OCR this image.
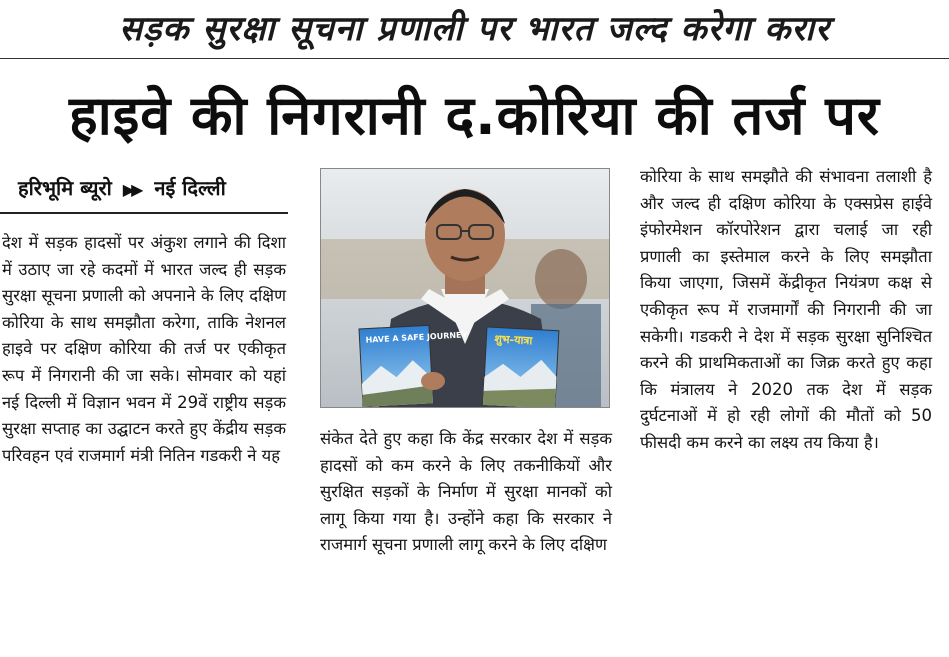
सड़क सुरक्षा सूचना प्रणाली पर भारत जल्द करेगा करार
हाइवे की निगरानी द.कोरिया की तर्ज पर
हरिभूमि ब्यूरो ▶▶ नई दिल्ली

देश में सड़क हादसों पर अंकुश लगाने की दिशा में उठाए जा रहे कदमों में भारत जल्द ही सड़क सुरक्षा सूचना प्रणाली को अपनाने के लिए दक्षिण कोरिया के साथ समझौता करेगा, ताकि नेशनल हाइवे पर दक्षिण कोरिया की तर्ज पर एकीकृत रूप में निगरानी की जा सके। सोमवार को यहां नई दिल्ली में विज्ञान भवन में 29वें राष्ट्रीय सड़क सुरक्षा सप्ताह का उद्घाटन करते हुए केंद्रीय सड़क परिवहन एवं राजमार्ग मंत्री नितिन गडकरी ने यह

HAVE A SAFE JOURNEY शुभ-यात्रा

संकेत देते हुए कहा कि केंद्र सरकार देश में सड़क हादसों को कम करने के लिए तकनीकियों और सुरक्षित सड़कों के निर्माण में सुरक्षा मानकों को लागू किया गया है। उन्होंने कहा कि सरकार ने राजमार्ग सूचना प्रणाली लागू करने के लिए दक्षिण

कोरिया के साथ समझौते की संभावना तलाशी है और जल्द ही दक्षिण कोरिया के एक्सप्रेस हाईवे इंफोरमेशन कॉरपोरेशन द्वारा चलाई जा रही प्रणाली का इस्तेमाल करने के लिए समझौता किया जाएगा, जिसमें केंद्रीकृत नियंत्रण कक्ष से एकीकृत रूप में राजमार्गों की निगरानी की जा सकेगी। गडकरी ने देश में सड़क सुरक्षा सुनिश्चित करने की प्राथमिकताओं का जिक्र करते हुए कहा कि मंत्रालय ने 2020 तक देश में सड़क दुर्घटनाओं में हो रही लोगों की मौतों को 50 फीसदी कम करने का लक्ष्य तय किया है।
